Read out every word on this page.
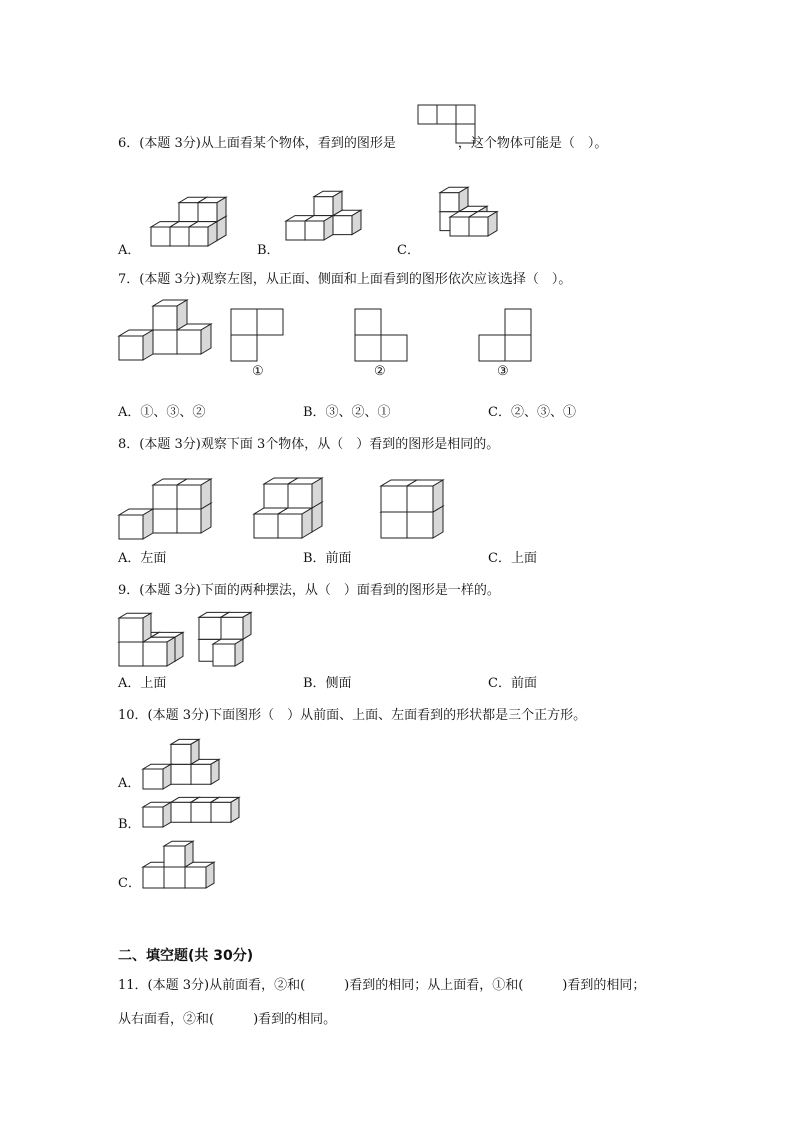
6．(本题 3分)从上面看某个物体，看到的图形是	，这个物体可能是（　）。
A．	B．	C．
7．(本题 3分)观察左图，从正面、侧面和上面看到的图形依次应该选择（　）。
①	②	③
A．①、③、②	B．③、②、①	C．②、③、①
8．(本题 3分)观察下面 3个物体，从（　）看到的图形是相同的。
A．左面	B．前面	C．上面
9．(本题 3分)下面的两种摆法，从（　）面看到的图形是一样的。
A．上面	B．侧面	C．前面
10．(本题 3分)下面图形（　）从前面、上面、左面看到的形状都是三个正方形。
A．
B．
C．
二、填空题(共 30分)
11．(本题 3分)从前面看，②和(　　　)看到的相同；从上面看，①和(　　　)看到的相同；
从右面看，②和(　　　)看到的相同。
